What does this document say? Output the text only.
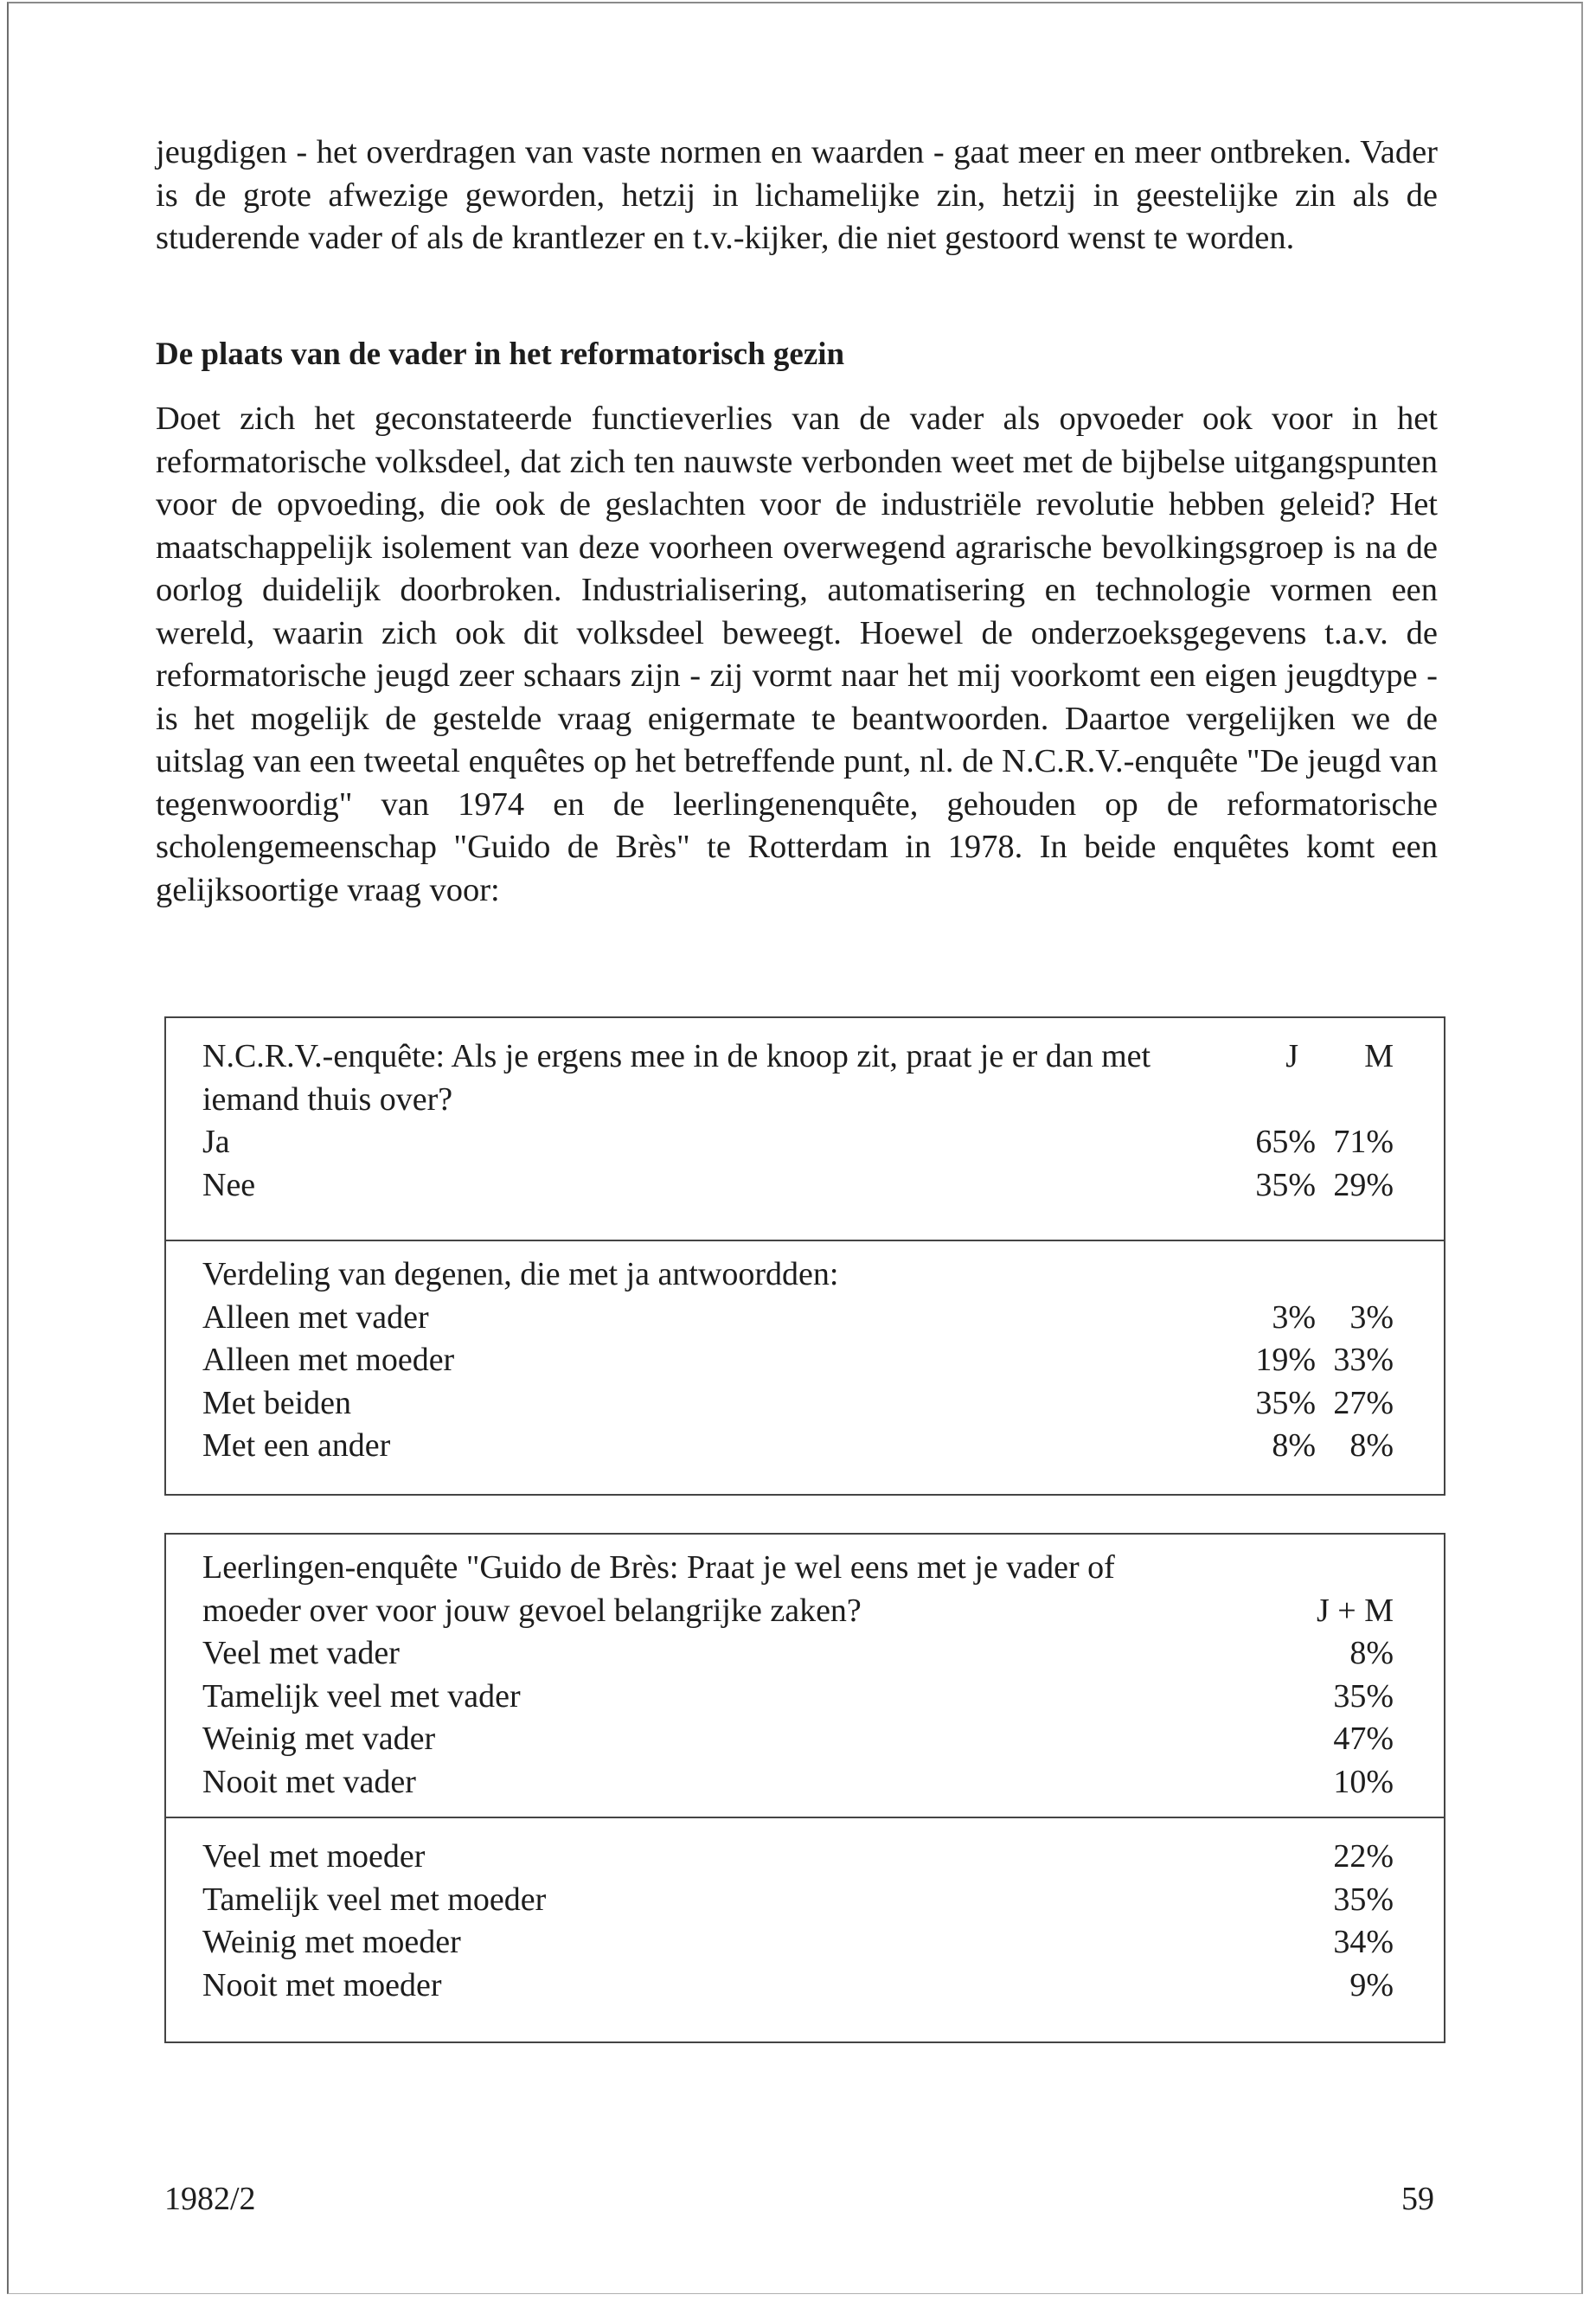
jeugdigen - het overdragen van vaste normen en waarden - gaat meer en meer ontbreken. Vader is de grote afwezige geworden, hetzij in lichamelijke zin, hetzij in geestelijke zin als de studerende vader of als de krantlezer en t.v.-kijker, die niet gestoord wenst te worden.

De plaats van de vader in het reformatorisch gezin

Doet zich het geconstateerde functieverlies van de vader als opvoeder ook voor in het reformatorische volksdeel, dat zich ten nauwste verbonden weet met de bijbelse uitgangspunten voor de opvoeding, die ook de geslachten voor de industriële revolutie hebben geleid? Het maatschappelijk isolement van deze voorheen overwegend agrarische bevolkingsgroep is na de oorlog duidelijk doorbroken. Industrialisering, automatisering en technologie vormen een wereld, waarin zich ook dit volksdeel beweegt. Hoewel de onderzoeksgegevens t.a.v. de reformatorische jeugd zeer schaars zijn - zij vormt naar het mij voorkomt een eigen jeugdtype - is het mogelijk de gestelde vraag enigermate te beantwoorden. Daartoe vergelijken we de uitslag van een tweetal enquêtes op het betreffende punt, nl. de N.C.R.V.-enquête "De jeugd van tegenwoordig" van 1974 en de leerlingenenquête, gehouden op de reformatorische scholengemeenschap "Guido de Brès" te Rotterdam in 1978. In beide enquêtes komt een gelijksoortige vraag voor:

N.C.R.V.-enquête: Als je ergens mee in de knoop zit, praat je er dan met iemand thuis over?
J	M
Ja	65% 71%
Nee	35% 29%
Verdeling van degenen, die met ja antwoordden:
Alleen met vader	3%	3%
Alleen met moeder	19% 33%
Met beiden	35% 27%
Met een ander	8%	8%
Leerlingen-enquête "Guido de Brès: Praat je wel eens met je vader of moeder over voor jouw gevoel belangrijke zaken?	J + M
Veel met vader	8%
Tamelijk veel met vader	35%
Weinig met vader	47%
Nooit met vader	10%
Veel met moeder	22%
Tamelijk veel met moeder	35%
Weinig met moeder	34%
Nooit met moeder	9%
1982/2	59
